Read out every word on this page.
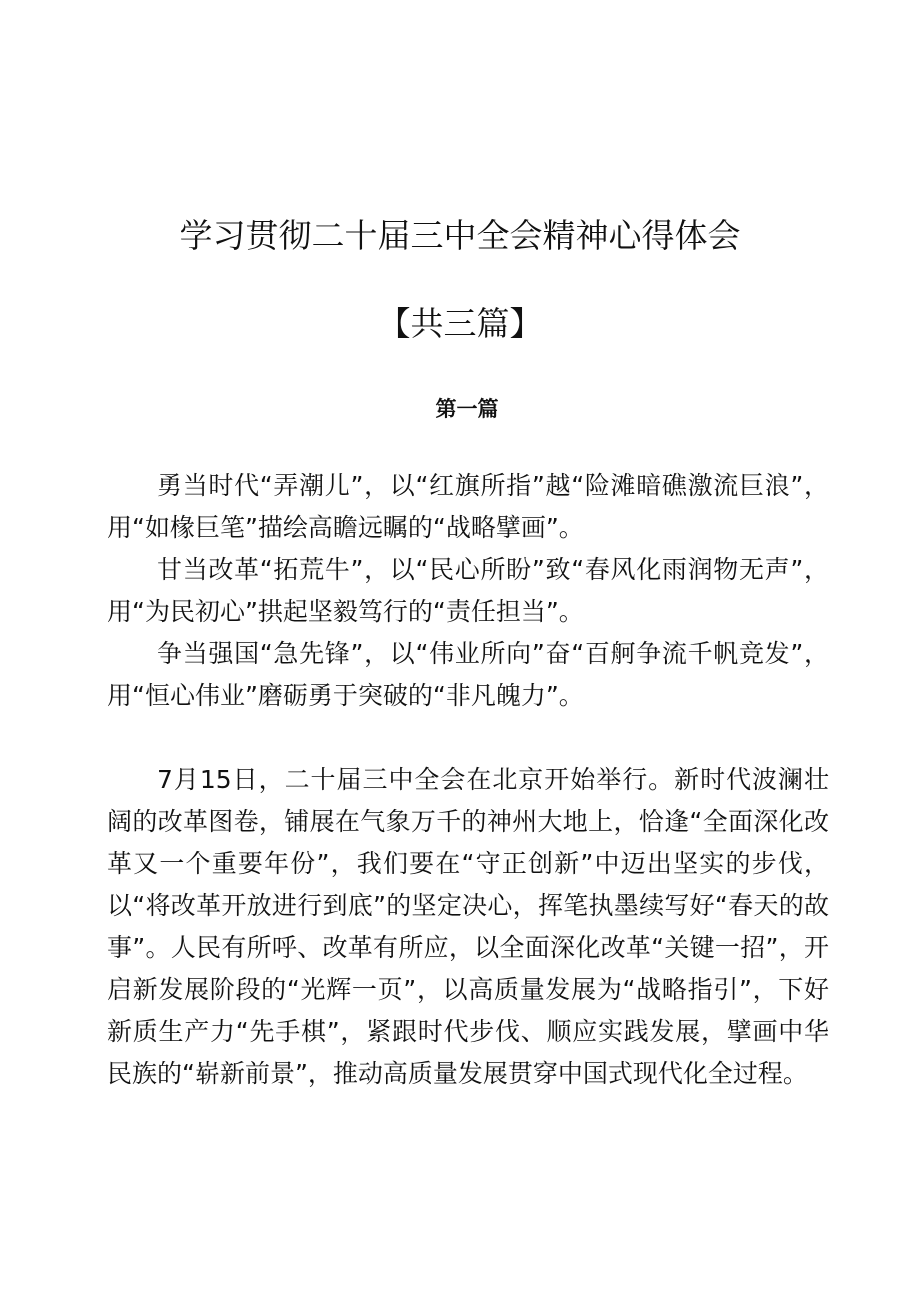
学习贯彻二十届三中全会精神心得体会
【共三篇】
第一篇

勇当时代“弄潮儿”，以“红旗所指”越“险滩暗礁激流巨浪”，用“如椽巨笔”描绘高瞻远瞩的“战略擘画”。

甘当改革“拓荒牛”，以“民心所盼”致“春风化雨润物无声”，用“为民初心”拱起坚毅笃行的“责任担当”。

争当强国“急先锋”，以“伟业所向”奋“百舸争流千帆竞发”，用“恒心伟业”磨砺勇于突破的“非凡魄力”。

7月15日，二十届三中全会在北京开始举行。新时代波澜壮阔的改革图卷，铺展在气象万千的神州大地上，恰逢“全面深化改革又一个重要年份”，我们要在“守正创新”中迈出坚实的步伐，以“将改革开放进行到底”的坚定决心，挥笔执墨续写好“春天的故事”。人民有所呼、改革有所应，以全面深化改革“关键一招”，开启新发展阶段的“光辉一页”，以高质量发展为“战略指引”，下好新质生产力“先手棋”，紧跟时代步伐、顺应实践发展，擘画中华民族的“崭新前景”，推动高质量发展贯穿中国式现代化全过程。
